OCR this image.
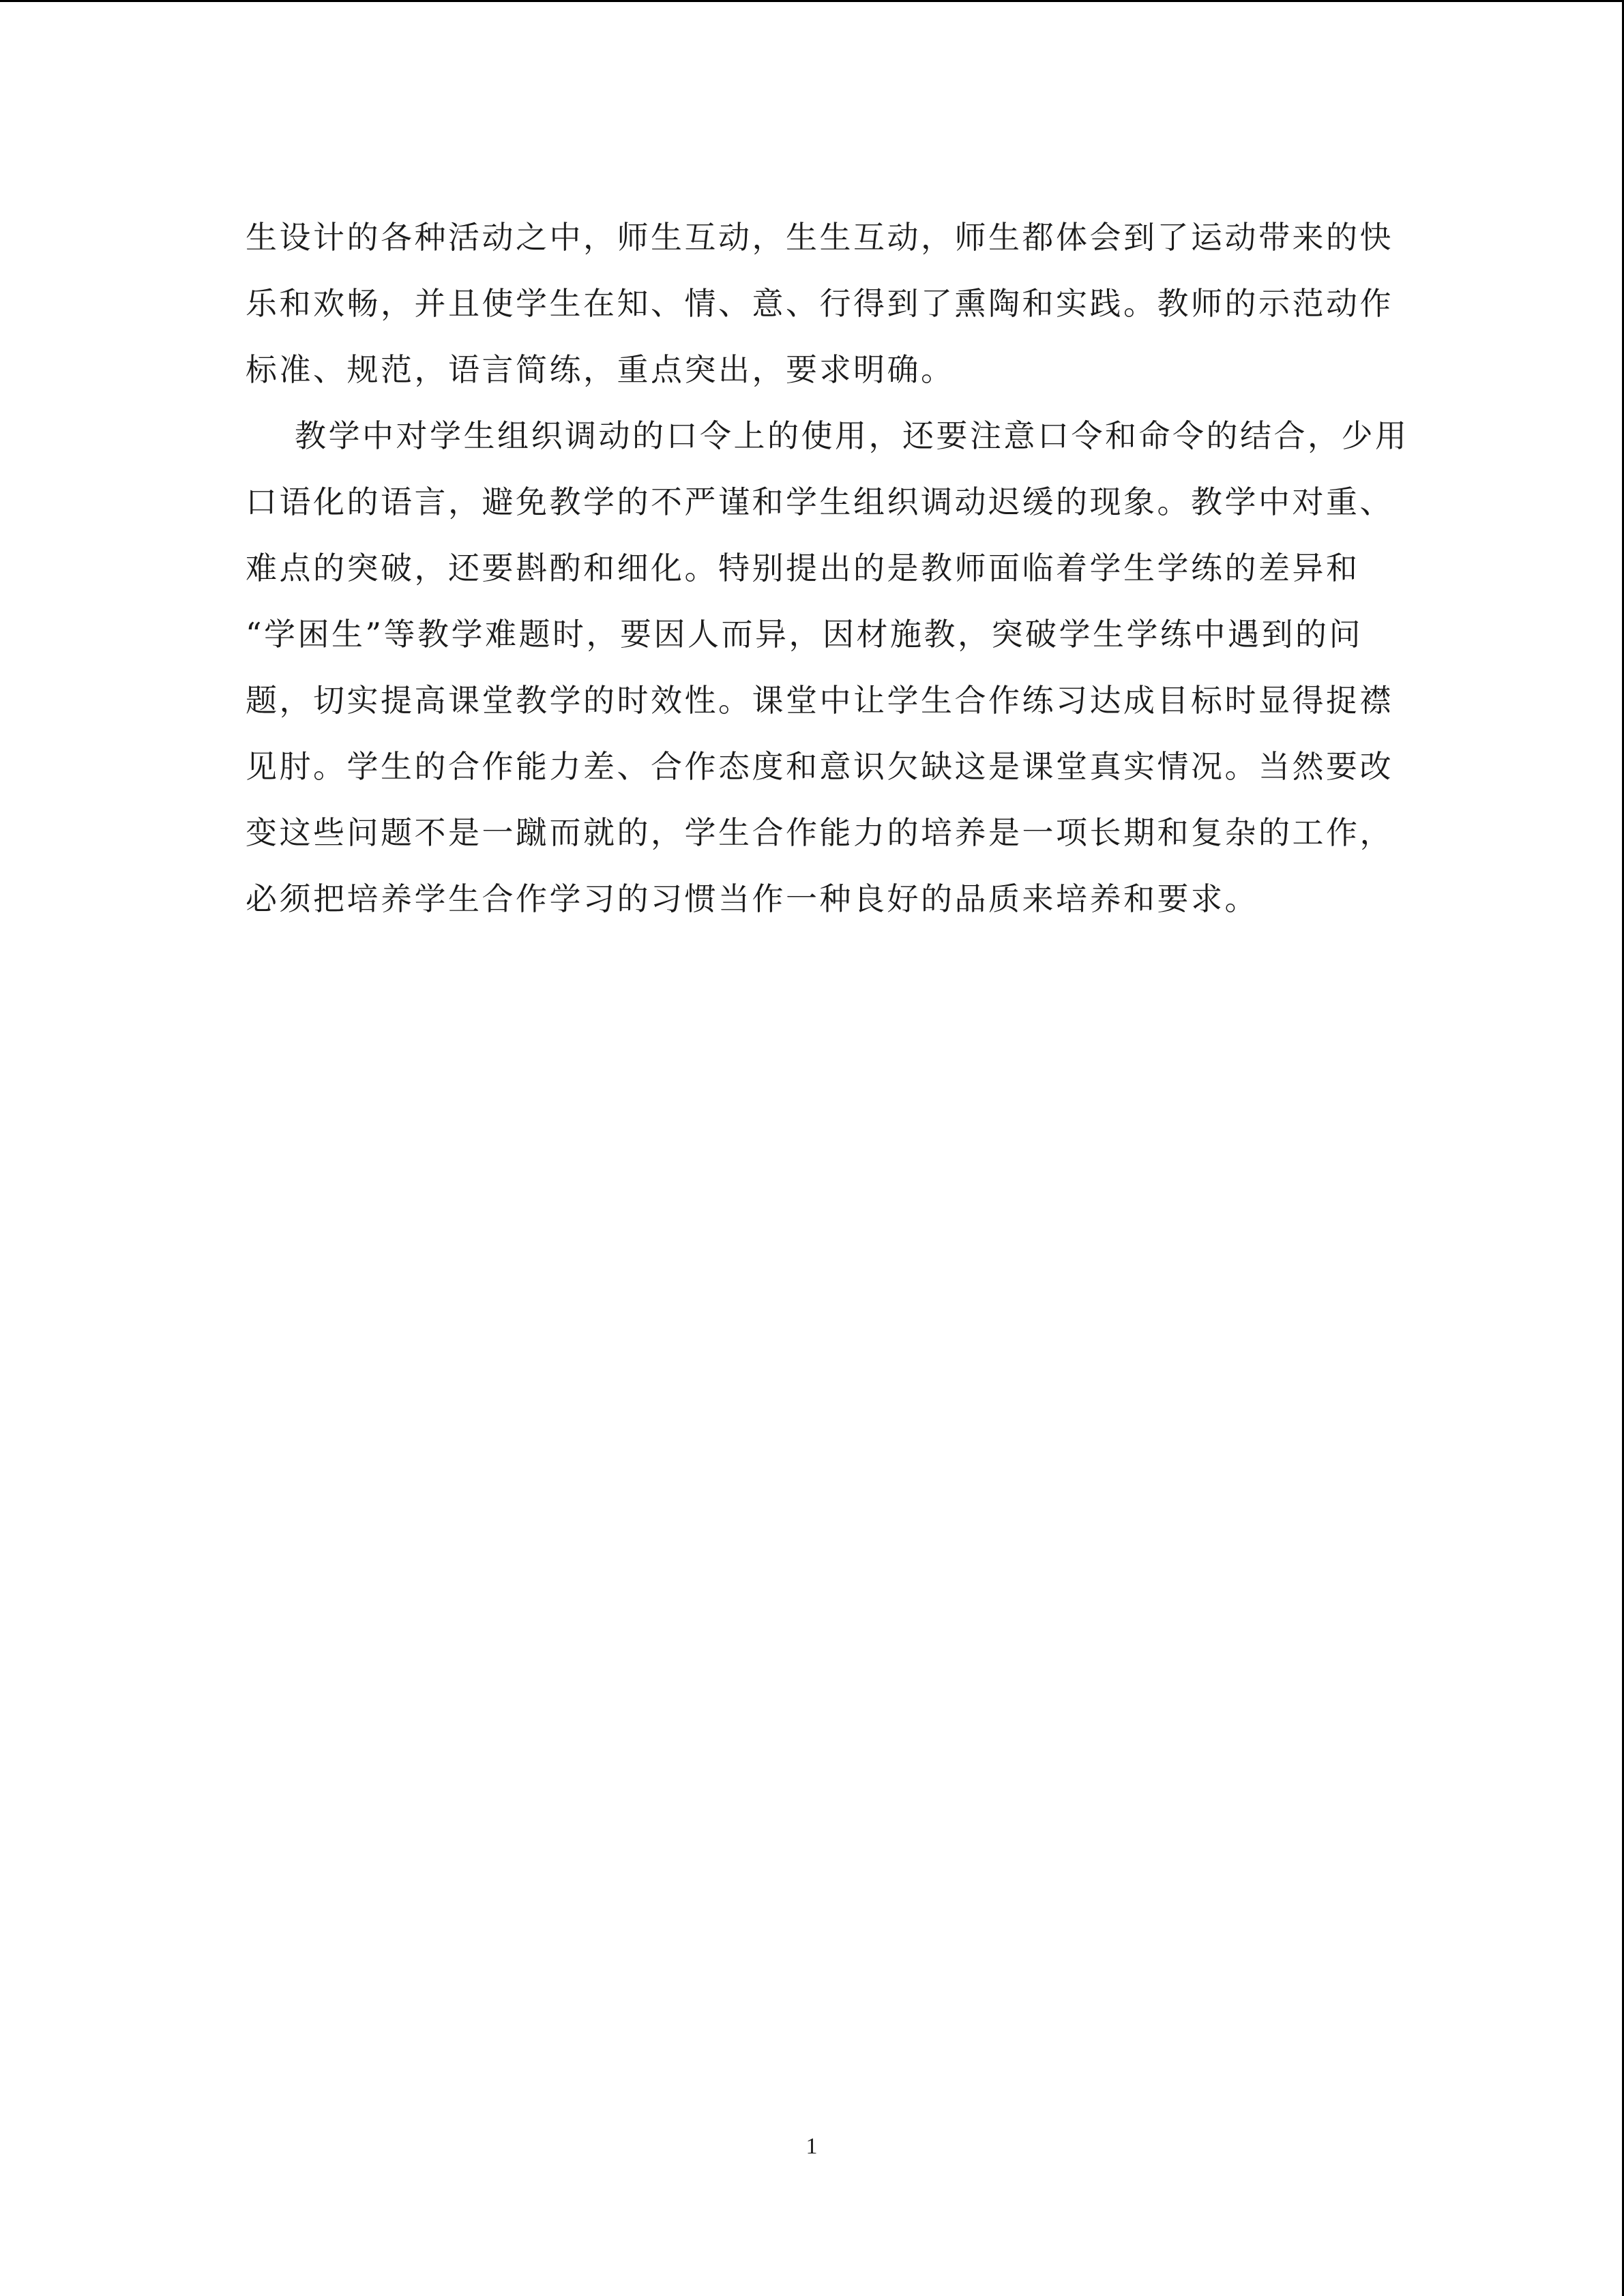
生设计的各种活动之中，师生互动，生生互动，师生都体会到了运动带来的快
乐和欢畅，并且使学生在知、情、意、行得到了熏陶和实践。教师的示范动作
标准、规范，语言简练，重点突出，要求明确。
教学中对学生组织调动的口令上的使用，还要注意口令和命令的结合，少用
口语化的语言，避免教学的不严谨和学生组织调动迟缓的现象。教学中对重、
难点的突破，还要斟酌和细化。特别提出的是教师面临着学生学练的差异和
“学困生”等教学难题时，要因人而异，因材施教，突破学生学练中遇到的问
题，切实提高课堂教学的时效性。课堂中让学生合作练习达成目标时显得捉襟
见肘。学生的合作能力差、合作态度和意识欠缺这是课堂真实情况。当然要改
变这些问题不是一蹴而就的，学生合作能力的培养是一项长期和复杂的工作，
必须把培养学生合作学习的习惯当作一种良好的品质来培养和要求。
1
